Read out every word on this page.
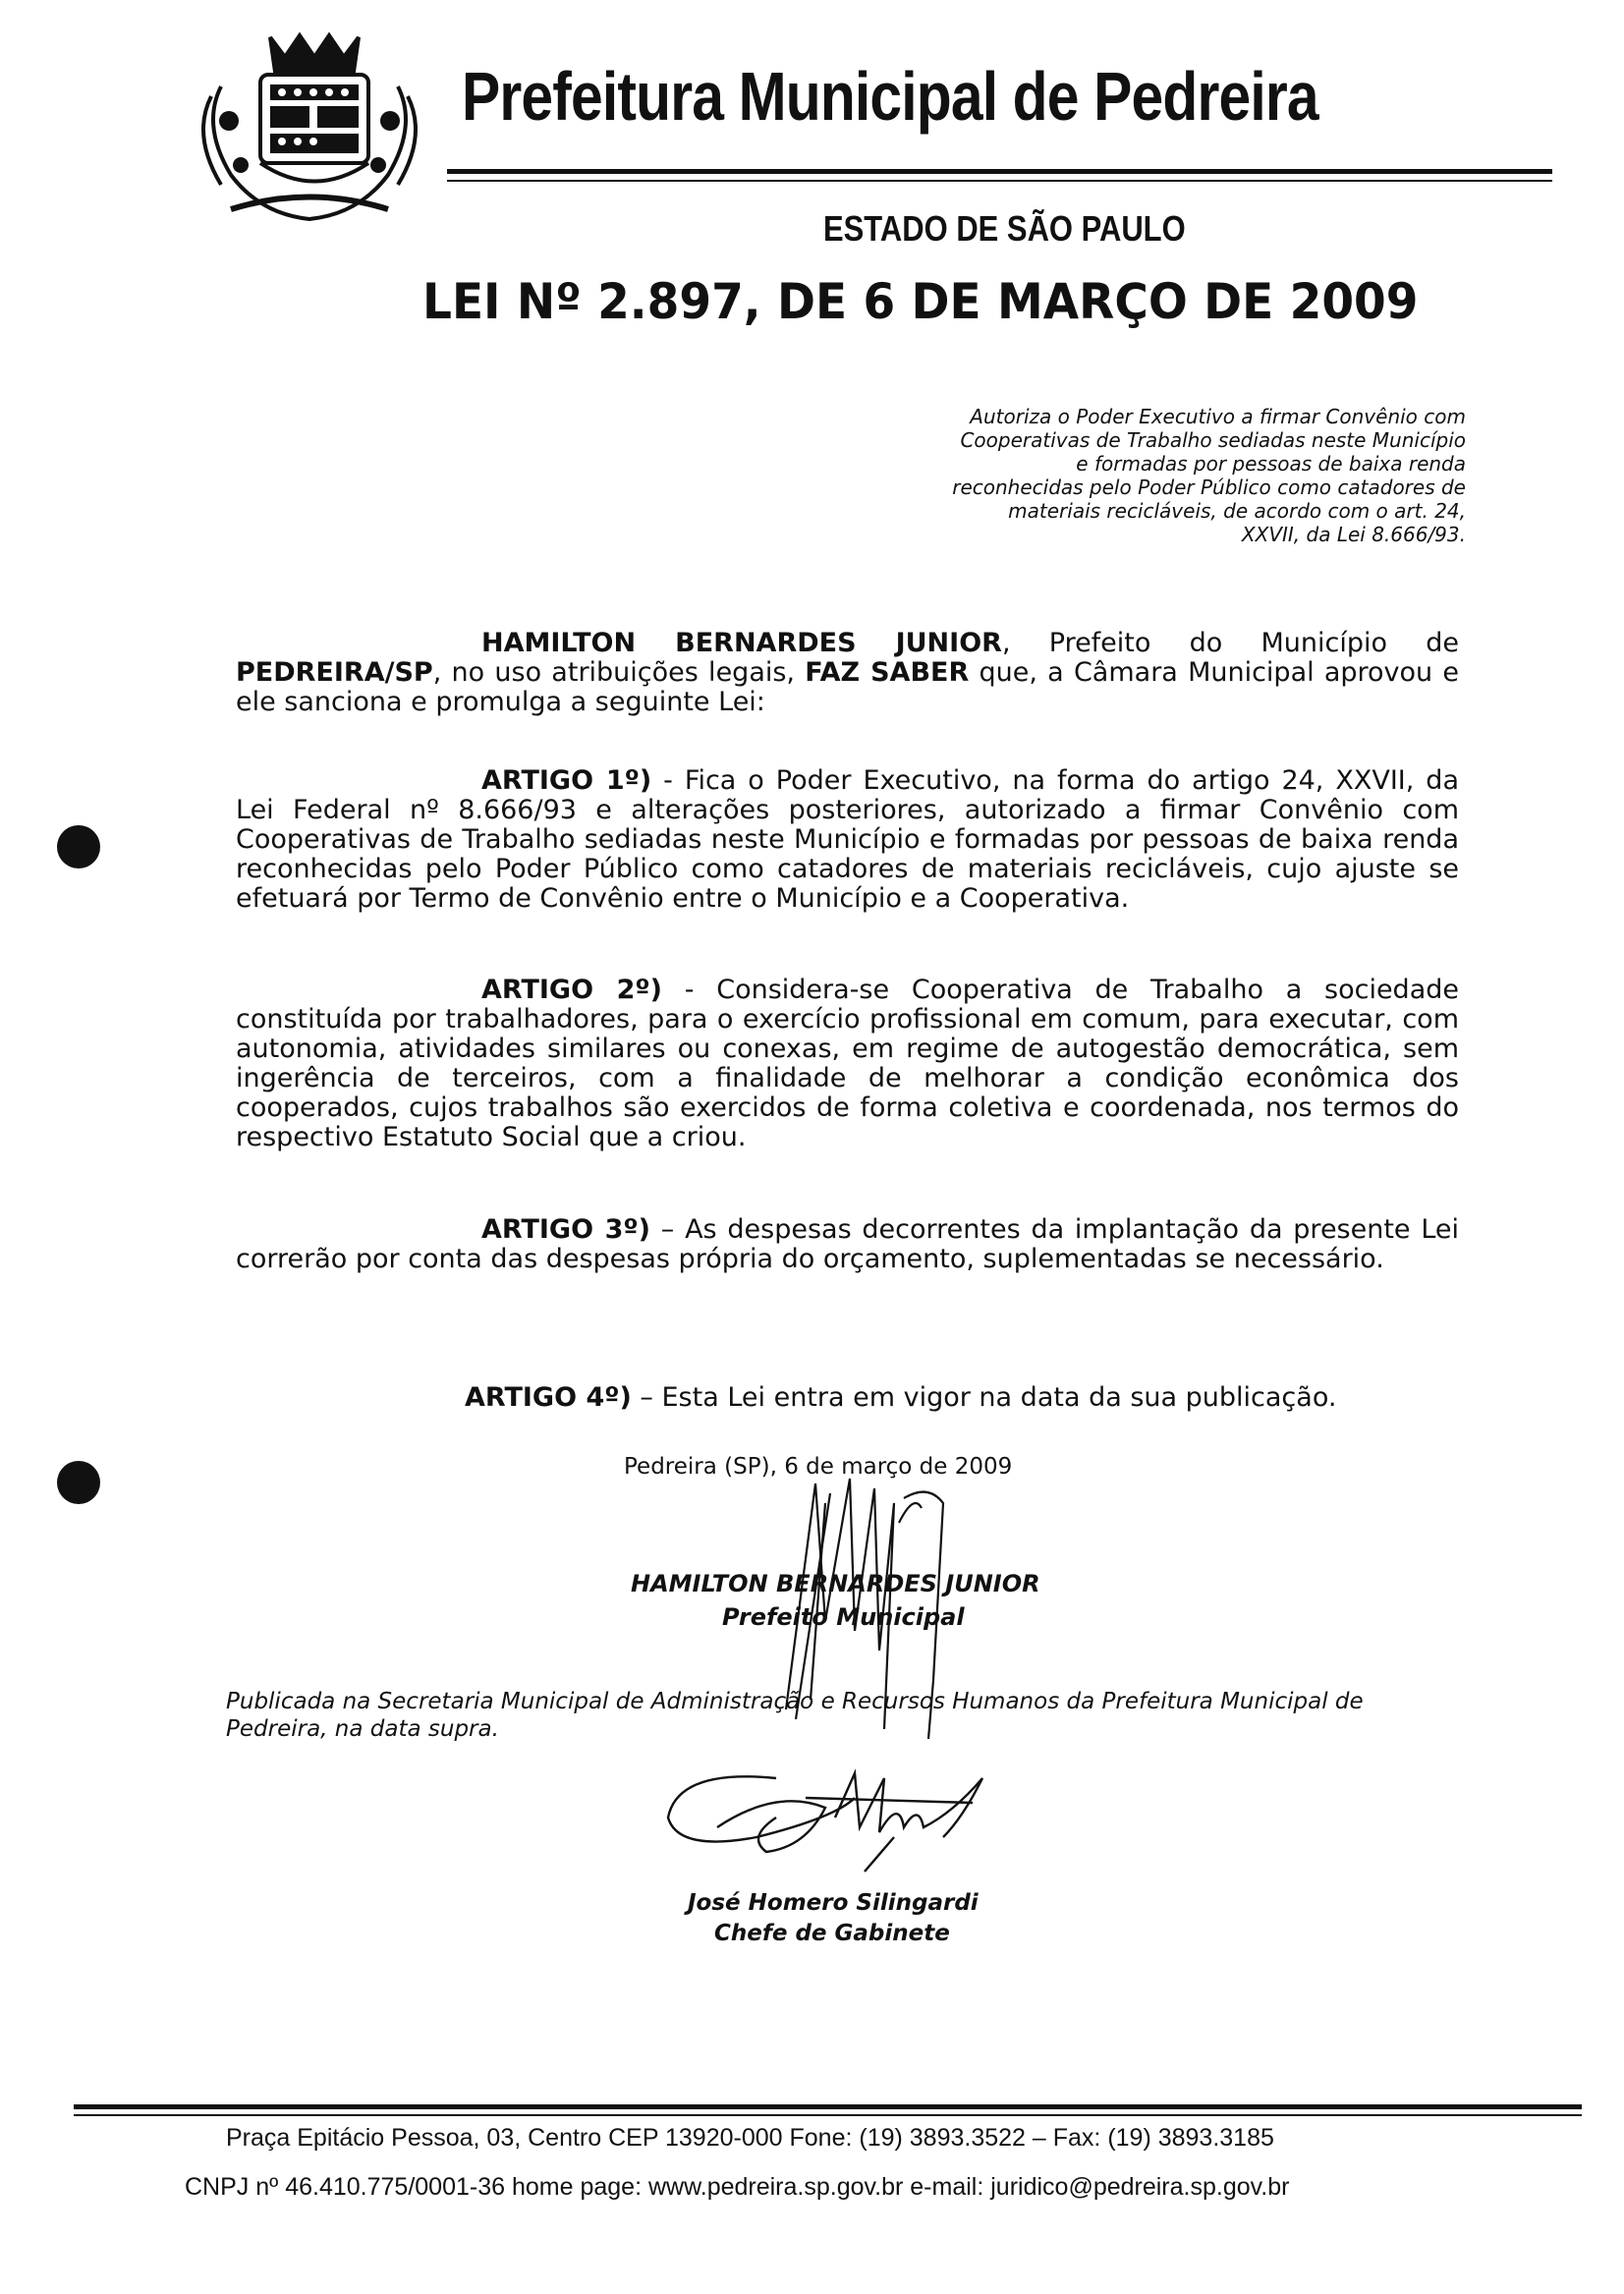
Prefeitura Municipal de Pedreira
ESTADO DE SÃO PAULO
LEI Nº 2.897, DE 6 DE MARÇO DE 2009
Autoriza o Poder Executivo a firmar Convênio com
Cooperativas de Trabalho sediadas neste Município
e formadas por pessoas de baixa renda
reconhecidas pelo Poder Público como catadores de
materiais recicláveis, de acordo com o art. 24,
XXVII, da Lei 8.666/93.
HAMILTON BERNARDES JUNIOR, Prefeito do Município de PEDREIRA/SP, no uso atribuições legais, FAZ SABER que, a Câmara Municipal aprovou e ele sanciona e promulga a seguinte Lei:
ARTIGO 1º) - Fica o Poder Executivo, na forma do artigo 24, XXVII, da Lei Federal nº 8.666/93 e alterações posteriores, autorizado a firmar Convênio com Cooperativas de Trabalho sediadas neste Município e formadas por pessoas de baixa renda reconhecidas pelo Poder Público como catadores de materiais recicláveis, cujo ajuste se efetuará por Termo de Convênio entre o Município e a Cooperativa.
ARTIGO 2º) - Considera-se Cooperativa de Trabalho a sociedade constituída por trabalhadores, para o exercício profissional em comum, para executar, com autonomia, atividades similares ou conexas, em regime de autogestão democrática, sem ingerência de terceiros, com a finalidade de melhorar a condição econômica dos cooperados, cujos trabalhos são exercidos de forma coletiva e coordenada, nos termos do respectivo Estatuto Social que a criou.
ARTIGO 3º) – As despesas decorrentes da implantação da presente Lei correrão por conta das despesas própria do orçamento, suplementadas se necessário.
ARTIGO 4º) – Esta Lei entra em vigor na data da sua publicação.
Pedreira (SP), 6 de março de 2009
HAMILTON BERNARDES JUNIOR
Prefeito Municipal
Publicada na Secretaria Municipal de Administração e Recursos Humanos da Prefeitura Municipal de Pedreira, na data supra.
José Homero Silingardi
Chefe de Gabinete
Praça Epitácio Pessoa, 03, Centro CEP 13920-000 Fone: (19) 3893.3522 – Fax: (19) 3893.3185
CNPJ nº 46.410.775/0001-36 home page: www.pedreira.sp.gov.br e-mail: juridico@pedreira.sp.gov.br
